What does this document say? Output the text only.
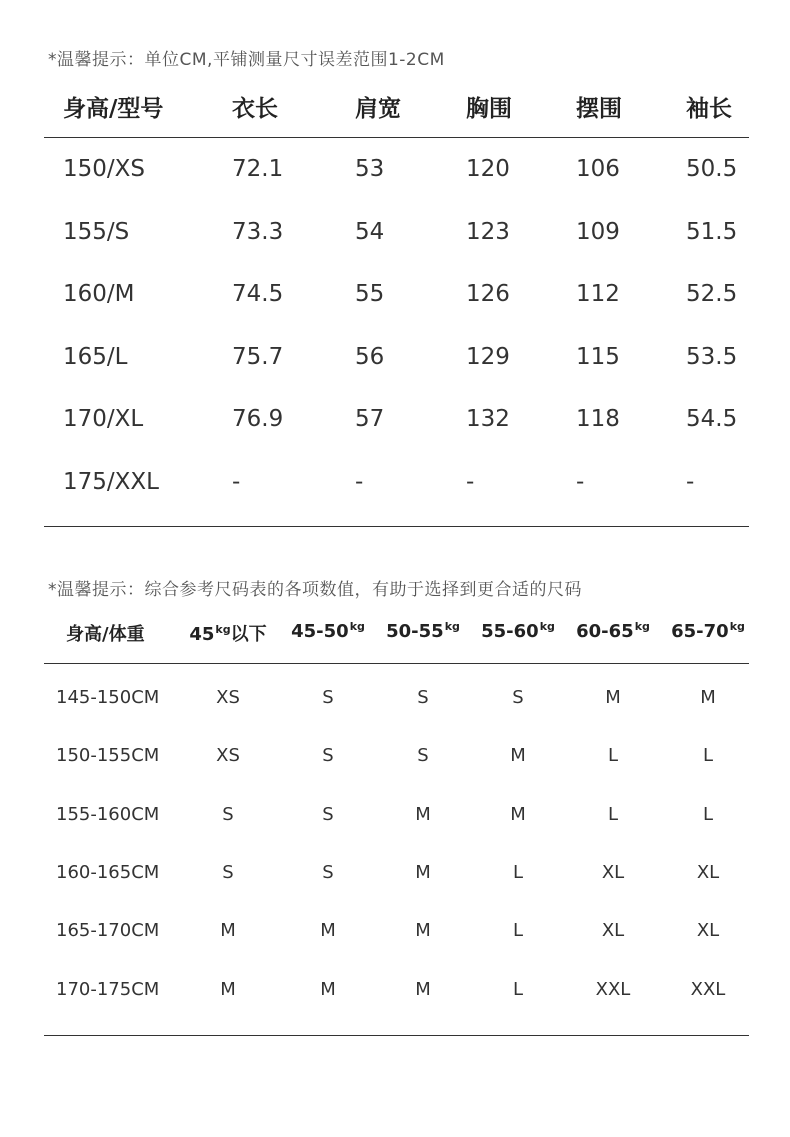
*温馨提示：单位CM,平铺测量尺寸误差范围1-2CM
身高/型号	衣长	肩宽	胸围	摆围	袖长
150/XS	72.1	53	120	106	50.5
155/S	73.3	54	123	109	51.5
160/M	74.5	55	126	112	52.5
165/L	75.7	56	129	115	53.5
170/XL	76.9	57	132	118	54.5
175/XXL	-	-	-	-	-
*温馨提示：综合参考尺码表的各项数值，有助于选择到更合适的尺码
身高/体重 $45^{kg}$以下 $45-50^{kg}$ $50-55^{kg}$ $55-60^{kg}$ $60-65^{kg}$ $65-70^{kg}$
145-150CM	XS	S	S	S	M	M
150-155CM	XS	S	S	M	L	L
155-160CM	S	S	M	M	L	L
160-165CM	S	S	M	L	XL	XL
165-170CM	M	M	M	L	XL	XL
170-175CM	M	M	M	L	XXL	XXL
